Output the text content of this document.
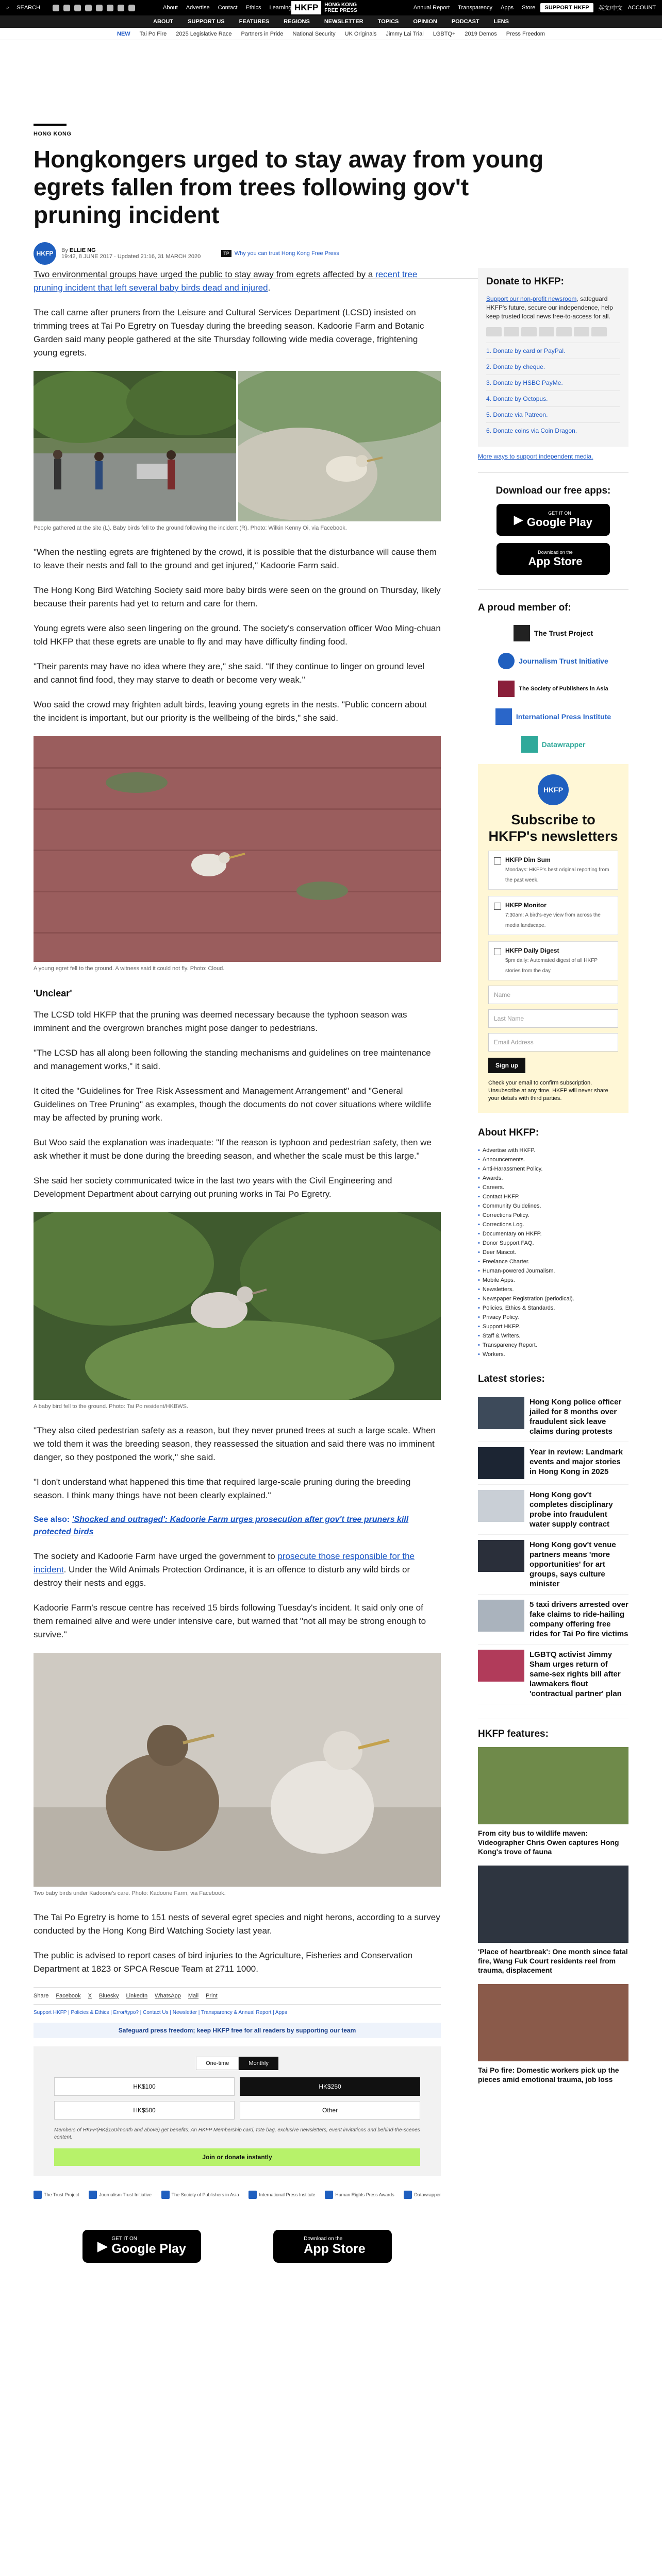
⌕ SEARCH	About Advertise Contact Ethics Learning HKFP	HONG KONG
FREE PRESS	Annual Report Transparency Apps Store	SUPPORT HKFP	英文/中文 ACCOUNT
ABOUT	SUPPORT US	FEATURES	REGIONS	NEWSLETTER	TOPICS	OPINION	PODCAST	LENS
NEW Tai Po Fire 2025 Legislative Race Partners in Pride National Security UK Originals Jimmy Lai Trial LGBTQ+ 2019 Demos Press Freedom
HONG KONG
Hongkongers urged to stay away from young egrets fallen from trees following gov't pruning incident
HKFP	By ELLIE NG
19:42, 8 JUNE 2017 · Updated 21:16, 31 MARCH 2020	TP Why you can trust Hong Kong Free Press

Two environmental groups have urged the public to stay away from egrets affected by a recent tree pruning incident that left several baby birds dead and injured.

The call came after pruners from the Leisure and Cultural Services Department (LCSD) insisted on trimming trees at Tai Po Egretry on Tuesday during the breeding season. Kadoorie Farm and Botanic Garden said many people gathered at the site Thursday following wide media coverage, frightening young egrets.

People gathered at the site (L). Baby birds fell to the ground following the incident (R). Photo: Wilkin Kenny Oi, via Facebook.

"When the nestling egrets are frightened by the crowd, it is possible that the disturbance will cause them to leave their nests and fall to the ground and get injured," Kadoorie Farm said.

The Hong Kong Bird Watching Society said more baby birds were seen on the ground on Thursday, likely because their parents had yet to return and care for them.

Young egrets were also seen lingering on the ground. The society's conservation officer Woo Ming-chuan told HKFP that these egrets are unable to fly and may have difficulty finding food.

"Their parents may have no idea where they are," she said. "If they continue to linger on ground level and cannot find food, they may starve to death or become very weak."

Woo said the crowd may frighten adult birds, leaving young egrets in the nests. "Public concern about the incident is important, but our priority is the wellbeing of the birds," she said.

A young egret fell to the ground. A witness said it could not fly. Photo: Cloud.
'Unclear'

The LCSD told HKFP that the pruning was deemed necessary because the typhoon season was imminent and the overgrown branches might pose danger to pedestrians.

"The LCSD has all along been following the standing mechanisms and guidelines on tree maintenance and management works," it said.

It cited the "Guidelines for Tree Risk Assessment and Management Arrangement" and "General Guidelines on Tree Pruning" as examples, though the documents do not cover situations where wildlife may be affected by pruning work.

But Woo said the explanation was inadequate: "If the reason is typhoon and pedestrian safety, then we ask whether it must be done during the breeding season, and whether the scale must be this large."

She said her society communicated twice in the last two years with the Civil Engineering and Development Department about carrying out pruning works in Tai Po Egretry.

A baby bird fell to the ground. Photo: Tai Po resident/HKBWS.

"They also cited pedestrian safety as a reason, but they never pruned trees at such a large scale. When we told them it was the breeding season, they reassessed the situation and said there was no imminent danger, so they postponed the work," she said.

"I don't understand what happened this time that required large-scale pruning during the breeding season. I think many things have not been clearly explained."

See also: 'Shocked and outraged': Kadoorie Farm urges prosecution after gov't tree pruners kill protected birds

The society and Kadoorie Farm have urged the government to prosecute those responsible for the incident. Under the Wild Animals Protection Ordinance, it is an offence to disturb any wild birds or destroy their nests and eggs.

Kadoorie Farm's rescue centre has received 15 birds following Tuesday's incident. It said only one of them remained alive and were under intensive care, but warned that "not all may be strong enough to survive."

Two baby birds under Kadoorie's care. Photo: Kadoorie Farm, via Facebook.

The Tai Po Egretry is home to 151 nests of several egret species and night herons, according to a survey conducted by the Hong Kong Bird Watching Society last year.

The public is advised to report cases of bird injuries to the Agriculture, Fisheries and Conservation Department at 1823 or SPCA Rescue Team at 2711 1000.

Share Facebook X Bluesky LinkedIn WhatsApp Mail Print
Support HKFP | Policies & Ethics | Error/typo? | Contact Us | Newsletter | Transparency & Annual Report | Apps
Safeguard press freedom; keep HKFP free for all readers by supporting our team
One-time	Monthly
HK$100	HK$250
HK$500	Other
Members of HKFP(HK$150/month and above) get benefits: An HKFP Membership card, tote bag, exclusive newsletters, event invitations and behind-the-scenes content.
Join or donate instantly
The Trust Project	Journalism Trust Initiative	The Society of Publishers in Asia	International Press Institute	Human Rights Press Awards	Datawrapper
▶
GET IT ON
Google Play
Download on the
App Store
Donate to HKFP:
Support our non-profit newsroom, safeguard HKFP's future, secure our independence, help keep trusted local news free-to-access for all.
1. Donate by card or PayPal.
2. Donate by cheque.
3. Donate by HSBC PayMe.
4. Donate by Octopus.
5. Donate via Patreon.
6. Donate coins via Coin Dragon.
More ways to support independent media.
Download our free apps:
▶	GET IT ON
Google Play
Download on the
App Store
A proud member of:
The Trust Project
Journalism Trust Initiative
The Society of Publishers in Asia
International Press Institute
Datawrapper
HKFP
Subscribe to HKFP's newsletters
HKFP Dim Sum
Mondays: HKFP's best original reporting from the past week.
HKFP Monitor
7:30am: A bird's-eye view from across the media landscape.
HKFP Daily Digest
5pm daily: Automated digest of all HKFP stories from the day.
Name
Last Name
Email Address
Sign up
Check your email to confirm subscription. Unsubscribe at any time. HKFP will never share your details with third parties.
About HKFP:
• Advertise with HKFP.
• Announcements.
• Anti-Harassment Policy.
• Awards.
• Careers.
• Contact HKFP.
• Community Guidelines.
• Corrections Policy.
• Corrections Log.
• Documentary on HKFP.
• Donor Support FAQ.
• Deer Mascot.
• Freelance Charter.
• Human-powered Journalism.
• Mobile Apps.
• Newsletters.
• Newspaper Registration (periodical).
• Policies, Ethics & Standards.
• Privacy Policy.
• Support HKFP.
• Staff & Writers.
• Transparency Report.
• Workers.
Latest stories:
Hong Kong police officer jailed for 8 months over fraudulent sick leave claims during protests
Year in review: Landmark events and major stories in Hong Kong in 2025
Hong Kong gov't completes disciplinary probe into fraudulent water supply contract
Hong Kong gov't venue partners means 'more opportunities' for art groups, says culture minister
5 taxi drivers arrested over fake claims to ride-hailing company offering free rides for Tai Po fire victims
LGBTQ activist Jimmy Sham urges return of same-sex rights bill after lawmakers flout 'contractual partner' plan
HKFP features:
From city bus to wildlife maven: Videographer Chris Owen captures Hong Kong's trove of fauna
'Place of heartbreak': One month since fatal fire, Wang Fuk Court residents reel from trauma, displacement
Tai Po fire: Domestic workers pick up the pieces amid emotional trauma, job loss
